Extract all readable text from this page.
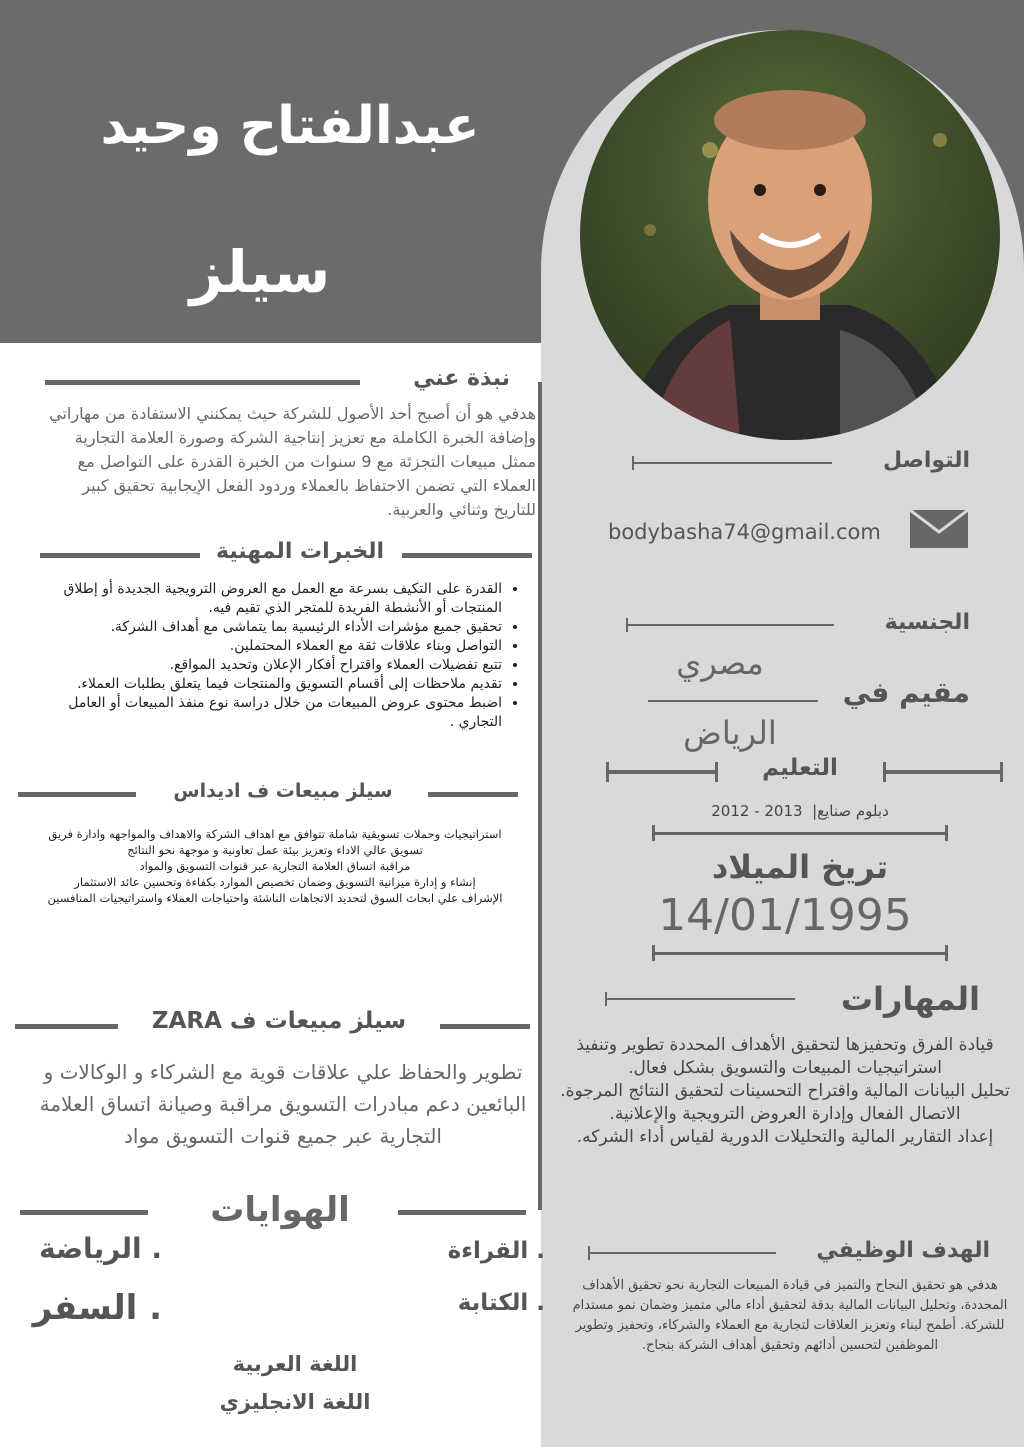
عبدالفتاح وحيد
سيلز
نبذة عني
هدفي هو أن أصبح أحد الأصول للشركة حيث يمكنني الاستفادة من مهاراتي وإضافة الخبرة الكاملة مع تعزيز إنتاجية الشركة وصورة العلامة التجارية ممثل مبيعات التجزئة مع 9 سنوات من الخبرة القدرة على التواصل مع العملاء التي تضمن الاحتفاظ بالعملاء وردود الفعل الإيجابية تحقيق كبير للتاريخ وثنائي والعربية.
الخبرات المهنية
• القدرة على التكيف بسرعة مع العمل مع العروض الترويجية الجديدة أو إطلاق المنتجات أو الأنشطة الفريدة للمتجر الذي تقيم فيه.
• تحقيق جميع مؤشرات الأداء الرئيسية بما يتماشى مع أهداف الشركة.
• التواصل وبناء علاقات ثقة مع العملاء المحتملين.
• تتبع تفضيلات العملاء واقتراح أفكار الإعلان وتحديد المواقع.
• تقديم ملاحظات إلى أقسام التسويق والمنتجات فيما يتعلق بطلبات العملاء.
• اضبط محتوى عروض المبيعات من خلال دراسة نوع منفذ المبيعات أو العامل التجاري .
سيلز مبيعات ف اديداس
استراتيجيات وحملات تسويقية شاملة تتوافق مع اهداف الشركة والاهداف والمواجهه وادارة فريق تسويق عالي الاداء وتعزيز بيئة عمل تعاونية و موجهة نحو النتائج
مراقبة اتساق العلامة التجارية عبر قنوات التسويق والمواد
إنشاء و إدارة ميزانية التسويق وضمان تخصيص الموارد بكفاءة وتحسين عائد الاستثمار
الإشراف علي ابحاث السوق لتحديد الاتجاهات الناشئة واحتياجات العملاء واستراتيجيات المنافسين
سيلز مبيعات ف ZARA
تطوير والحفاظ علي علاقات قوية مع الشركاء و الوكالات و البائعين دعم مبادرات التسويق مراقبة وصيانة اتساق العلامة التجارية عبر جميع قنوات التسويق مواد
الهوايات
. القراءة
. الكتابة
. الرياضة
. السفر
اللغة العربية
اللغة الانجليزي
التواصل
bodybasha74@gmail.com
الجنسية
مصري
مقيم في
الرياض
التعليم
دبلوم صنايع|  2012 - 2013
تريخ الميلاد
14/01/1995
المهارات
قيادة الفرق وتحفيزها لتحقيق الأهداف المحددة تطوير وتنفيذ استراتيجيات المبيعات والتسويق بشكل فعال.
تحليل البيانات المالية واقتراح التحسينات لتحقيق النتائج المرجوة.
الاتصال الفعال وإدارة العروض الترويجية والإعلانية.
إعداد التقارير المالية والتحليلات الدورية لقياس أداء الشركه.
الهدف الوظيفي
هدفي هو تحقيق النجاح والتميز في قيادة المبيعات التجارية نحو تحقيق الأهداف المحددة، وتحليل البيانات المالية بدقة لتحقيق أداء مالي متميز وضمان نمو مستدام للشركة. أطمح لبناء وتعزيز العلاقات لتجارية مع العملاء والشركاء، وتحفيز وتطوير الموظفين لتحسين أدائهم وتحقيق أهداف الشركة بنجاح.
